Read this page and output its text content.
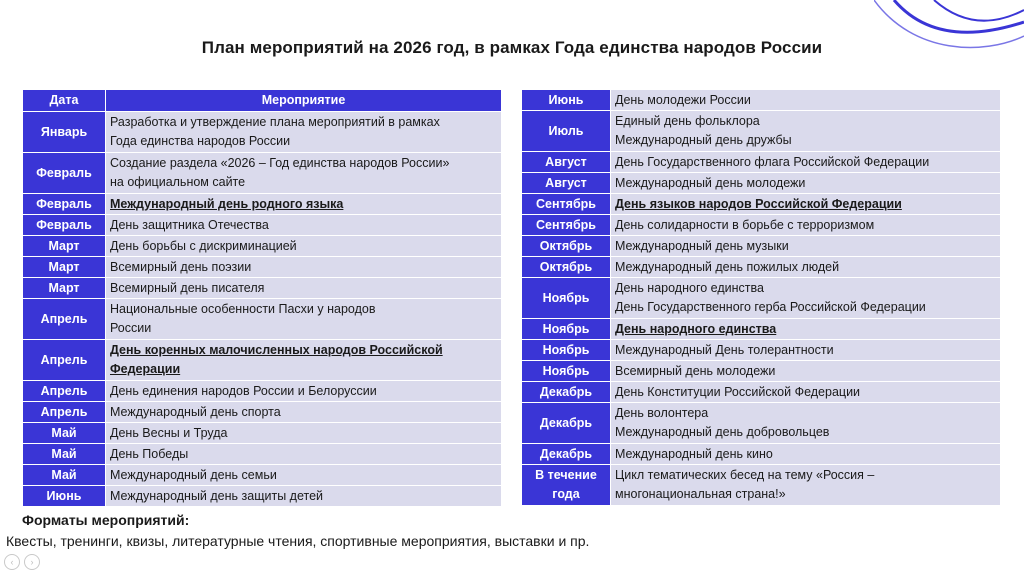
План мероприятий на 2026 год, в рамках Года единства народов России
Дата	Мероприятие
Январь	Разработка и утверждение плана мероприятий в рамках
Года единства народов России

Февраль	Создание раздела «2026 – Год единства народов России»
на официальном сайте

Февраль	Международный день родного языка

Февраль	День защитника Отечества

Март	День борьбы с дискриминацией

Март	Всемирный день поэзии

Март	Всемирный день писателя

Апрель	Национальные особенности Пасхи у народов
России

Апрель	День коренных малочисленных народов Российской
Федерации

Апрель	День единения народов России и Белоруссии

Апрель	Международный день спорта

Май	День Весны и Труда

Май	День Победы

Май	Международный день семьи

Июнь	Международный день защиты детей
Июнь	День молодежи России

Июль	Единый день фольклора
Международный день дружбы

Август	День Государственного флага Российской Федерации

Август	Международный день молодежи

Сентябрь	День языков народов Российской Федерации

Сентябрь	День солидарности в борьбе с терроризмом

Октябрь	Международный день музыки

Октябрь	Международный день пожилых людей

Ноябрь	День народного единства
День Государственного герба Российской Федерации

Ноябрь	День народного единства

Ноябрь	Международный День толерантности

Ноябрь	Всемирный день молодежи

Декабрь	День Конституции Российской Федерации

Декабрь	День волонтера
Международный день добровольцев

Декабрь	Международный день кино

В течение года	Цикл тематических бесед на тему «Россия –
многонациональная страна!»
Форматы мероприятий:
Квесты, тренинги, квизы, литературные чтения, спортивные мероприятия, выставки и пр.
‹	›
